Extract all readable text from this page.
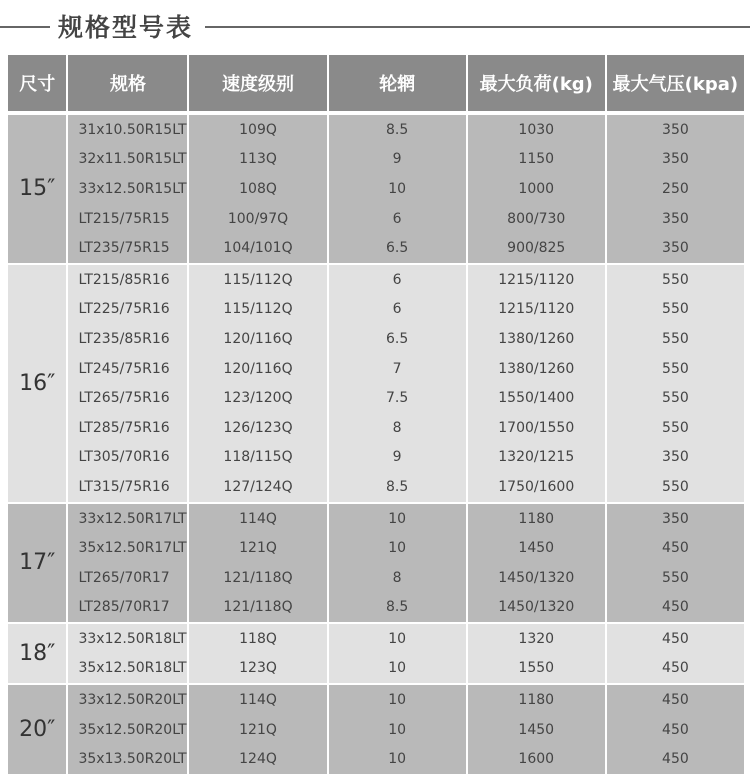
规格型号表
尺寸	规格	速度级别	轮辋	最大负荷(kg)	最大气压(kpa)
15″	31x10.50R15LT	109Q	8.5	1030	350
	32x11.50R15LT	113Q	9	1150	350
	33x12.50R15LT	108Q	10	1000	250
	LT215/75R15	100/97Q	6	800/730	350
	LT235/75R15	104/101Q	6.5	900/825	350
16″	LT215/85R16	115/112Q	6	1215/1120	550
	LT225/75R16	115/112Q	6	1215/1120	550
	LT235/85R16	120/116Q	6.5	1380/1260	550
	LT245/75R16	120/116Q	7	1380/1260	550
	LT265/75R16	123/120Q	7.5	1550/1400	550
	LT285/75R16	126/123Q	8	1700/1550	550
	LT305/70R16	118/115Q	9	1320/1215	350
	LT315/75R16	127/124Q	8.5	1750/1600	550
17″	33x12.50R17LT	114Q	10	1180	350
	35x12.50R17LT	121Q	10	1450	450
	LT265/70R17	121/118Q	8	1450/1320	550
	LT285/70R17	121/118Q	8.5	1450/1320	450
18″	33x12.50R18LT	118Q	10	1320	450
	35x12.50R18LT	123Q	10	1550	450
20″	33x12.50R20LT	114Q	10	1180	450
	35x12.50R20LT	121Q	10	1450	450
	35x13.50R20LT	124Q	10	1600	450
